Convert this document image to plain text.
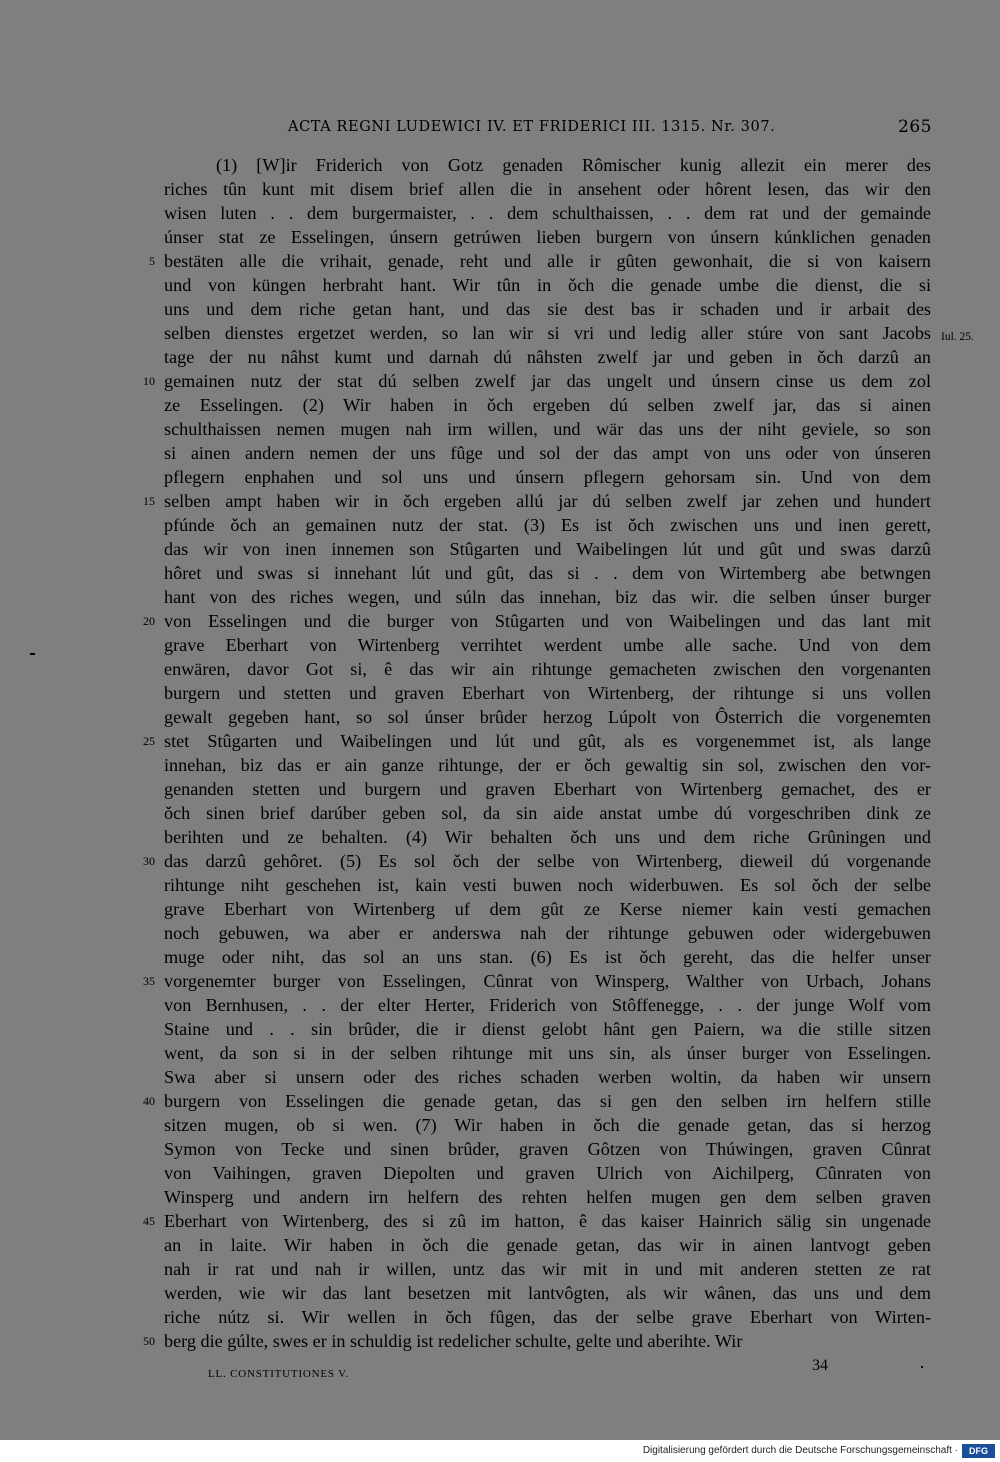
ACTA REGNI LUDEWICI IV. ET FRIDERICI III. 1315. Nr. 307.	265
(1) [W]ir Friderich von Gotz genaden Rômischer kunig allezit ein merer des
riches tûn kunt mit disem brief allen die in ansehent oder hôrent lesen, das wir den
wisen luten . . dem burgermaister, . . dem schulthaissen, . . dem rat und der gemainde
únser stat ze Esselingen, únsern getrúwen lieben burgern von únsern kúnklichen genaden
bestäten alle die vrihait, genade, reht und alle ir gûten gewonhait, die si von kaisern
und von küngen herbraht hant. Wir tûn in ǒch die genade umbe die dienst, die si
uns und dem riche getan hant, und das sie dest bas ir schaden und ir arbait des
selben dienstes ergetzet werden, so lan wir si vri und ledig aller stúre von sant Jacobs
tage der nu nâhst kumt und darnah dú nâhsten zwelf jar und geben in ǒch darzû an
gemainen nutz der stat dú selben zwelf jar das ungelt und únsern cinse us dem zol
ze Esselingen. (2) Wir haben in ǒch ergeben dú selben zwelf jar, das si ainen
schulthaissen nemen mugen nah irm willen, und wär das uns der niht geviele, so son
si ainen andern nemen der uns fûge und sol der das ampt von uns oder von únseren
pflegern enphahen und sol uns und únsern pflegern gehorsam sin. Und von dem
selben ampt haben wir in ǒch ergeben allú jar dú selben zwelf jar zehen und hundert
pfúnde ǒch an gemainen nutz der stat. (3) Es ist ǒch zwischen uns und inen gerett,
das wir von inen innemen son Stûgarten und Waibelingen lút und gût und swas darzû
hôret und swas si innehant lút und gût, das si . . dem von Wirtemberg abe betwngen
hant von des riches wegen, und súln das innehan, biz das wir. die selben únser burger
von Esselingen und die burger von Stûgarten und von Waibelingen und das lant mit
grave Eberhart von Wirtenberg verrihtet werdent umbe alle sache. Und von dem
enwären, davor Got si, ê das wir ain rihtunge gemacheten zwischen den vorgenanten
burgern und stetten und graven Eberhart von Wirtenberg, der rihtunge si uns vollen
gewalt gegeben hant, so sol únser brûder herzog Lúpolt von Ôsterrich die vorgenemten
stet Stûgarten und Waibelingen und lút und gût, als es vorgenemmet ist, als lange
innehan, biz das er ain ganze rihtunge, der er ǒch gewaltig sin sol, zwischen den vor-
genanden stetten und burgern und graven Eberhart von Wirtenberg gemachet, des er
ǒch sinen brief darúber geben sol, da sin aide anstat umbe dú vorgeschriben dink ze
berihten und ze behalten. (4) Wir behalten ǒch uns und dem riche Grûningen und
das darzû gehôret. (5) Es sol ǒch der selbe von Wirtenberg, dieweil dú vorgenande
rihtunge niht geschehen ist, kain vesti buwen noch widerbuwen. Es sol ǒch der selbe
grave Eberhart von Wirtenberg uf dem gût ze Kerse niemer kain vesti gemachen
noch gebuwen, wa aber er anderswa nah der rihtunge gebuwen oder widergebuwen
muge oder niht, das sol an uns stan. (6) Es ist ǒch gereht, das die helfer unser
vorgenemter burger von Esselingen, Cûnrat von Winsperg, Walther von Urbach, Johans
von Bernhusen, . . der elter Herter, Friderich von Stôffenegge, . . der junge Wolf vom
Staine und . . sin brûder, die ir dienst gelobt hânt gen Paiern, wa die stille sitzen
went, da son si in der selben rihtunge mit uns sin, als únser burger von Esselingen.
Swa aber si unsern oder des riches schaden werben woltin, da haben wir unsern
burgern von Esselingen die genade getan, das si gen den selben irn helfern stille
sitzen mugen, ob si wen. (7) Wir haben in ǒch die genade getan, das si herzog
Symon von Tecke und sinen brûder, graven Gôtzen von Thúwingen, graven Cûnrat
von Vaihingen, graven Diepolten und graven Ulrich von Aichilperg, Cûnraten von
Winsperg und andern irn helfern des rehten helfen mugen gen dem selben graven
Eberhart von Wirtenberg, des si zû im hatton, ê das kaiser Hainrich sälig sin ungenade
an in laite. Wir haben in ǒch die genade getan, das wir in ainen lantvogt geben
nah ir rat und nah ir willen, untz das wir mit in und mit anderen stetten ze rat
werden, wie wir das lant besetzen mit lantvôgten, als wir wânen, das uns und dem
riche nútz si. Wir wellen in ǒch fûgen, das der selbe grave Eberhart von Wirten-
berg die gúlte, swes er in schuldig ist redelicher schulte, gelte und aberihte. Wir
5
10
15
20
25
30
35
40
45
50
Iul. 25.
LL. CONSTITUTIONES V.	34
Digitalisierung gefördert durch die Deutsche Forschungsgemeinschaft ·	DFG
